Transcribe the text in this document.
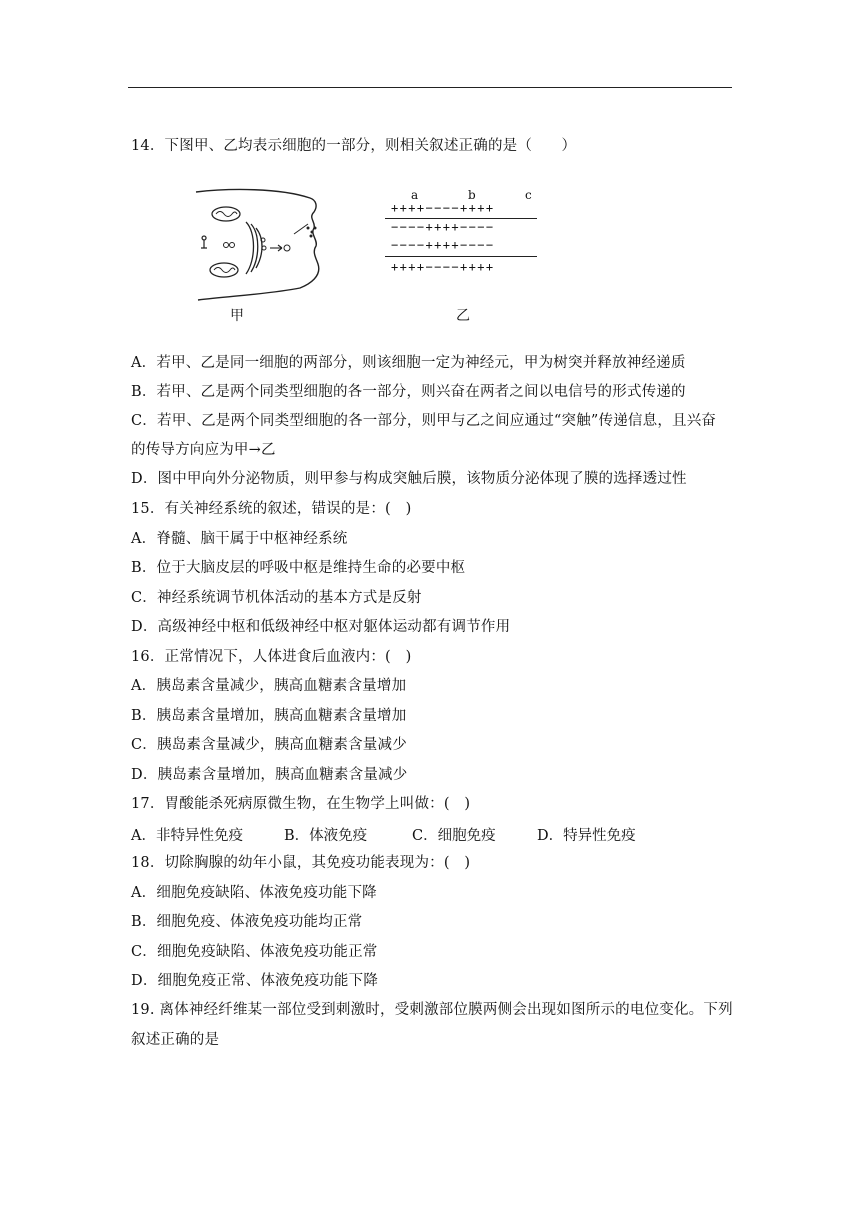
14．下图甲、乙均表示细胞的一部分，则相关叙述正确的是（　　）
甲
a	b	c
++++−−−−++++
−−−−++++−−−−
−−−−++++−−−−
++++−−−−++++
乙
A．若甲、乙是同一细胞的两部分，则该细胞一定为神经元，甲为树突并释放神经递质
B．若甲、乙是两个同类型细胞的各一部分，则兴奋在两者之间以电信号的形式传递的
C．若甲、乙是两个同类型细胞的各一部分，则甲与乙之间应通过“突触”传递信息，且兴奋
的传导方向应为甲→乙
D．图中甲向外分泌物质，则甲参与构成突触后膜，该物质分泌体现了膜的选择透过性
15．有关神经系统的叙述，错误的是：(　)
A．脊髓、脑干属于中枢神经系统
B．位于大脑皮层的呼吸中枢是维持生命的必要中枢
C．神经系统调节机体活动的基本方式是反射
D．高级神经中枢和低级神经中枢对躯体运动都有调节作用
16．正常情况下，人体进食后血液内：(　)
A．胰岛素含量减少，胰高血糖素含量增加
B．胰岛素含量增加，胰高血糖素含量增加
C．胰岛素含量减少，胰高血糖素含量减少
D．胰岛素含量增加，胰高血糖素含量减少
17．胃酸能杀死病原微生物，在生物学上叫做：(　)
A．非特异性免疫	B．体液免疫	C．细胞免疫	D．特异性免疫
18．切除胸腺的幼年小鼠，其免疫功能表现为：(　)
A．细胞免疫缺陷、体液免疫功能下降
B．细胞免疫、体液免疫功能均正常
C．细胞免疫缺陷、体液免疫功能正常
D．细胞免疫正常、体液免疫功能下降
19. 离体神经纤维某一部位受到刺激时，受刺激部位膜两侧会出现如图所示的电位变化。下列叙述正确的是
